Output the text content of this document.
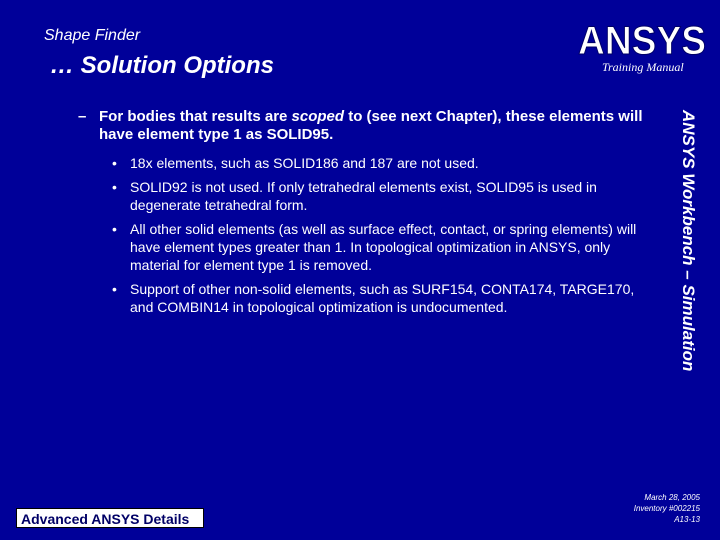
Shape Finder
… Solution Options
ANSYS
Training Manual
– For bodies that results are scoped to (see next Chapter), these elements will have element type 1 as SOLID95.
• 18x elements, such as SOLID186 and 187 are not used.
• SOLID92 is not used. If only tetrahedral elements exist, SOLID95 is used in degenerate tetrahedral form.
• All other solid elements (as well as surface effect, contact, or spring elements) will have element types greater than 1. In topological optimization in ANSYS, only material for element type 1 is removed.
• Support of other non-solid elements, such as SURF154, CONTA174, TARGE170, and COMBIN14 in topological optimization is undocumented.	ANSYS Workbench – Simulation
Advanced ANSYS Details
March 28, 2005
Inventory #002215
A13-13
